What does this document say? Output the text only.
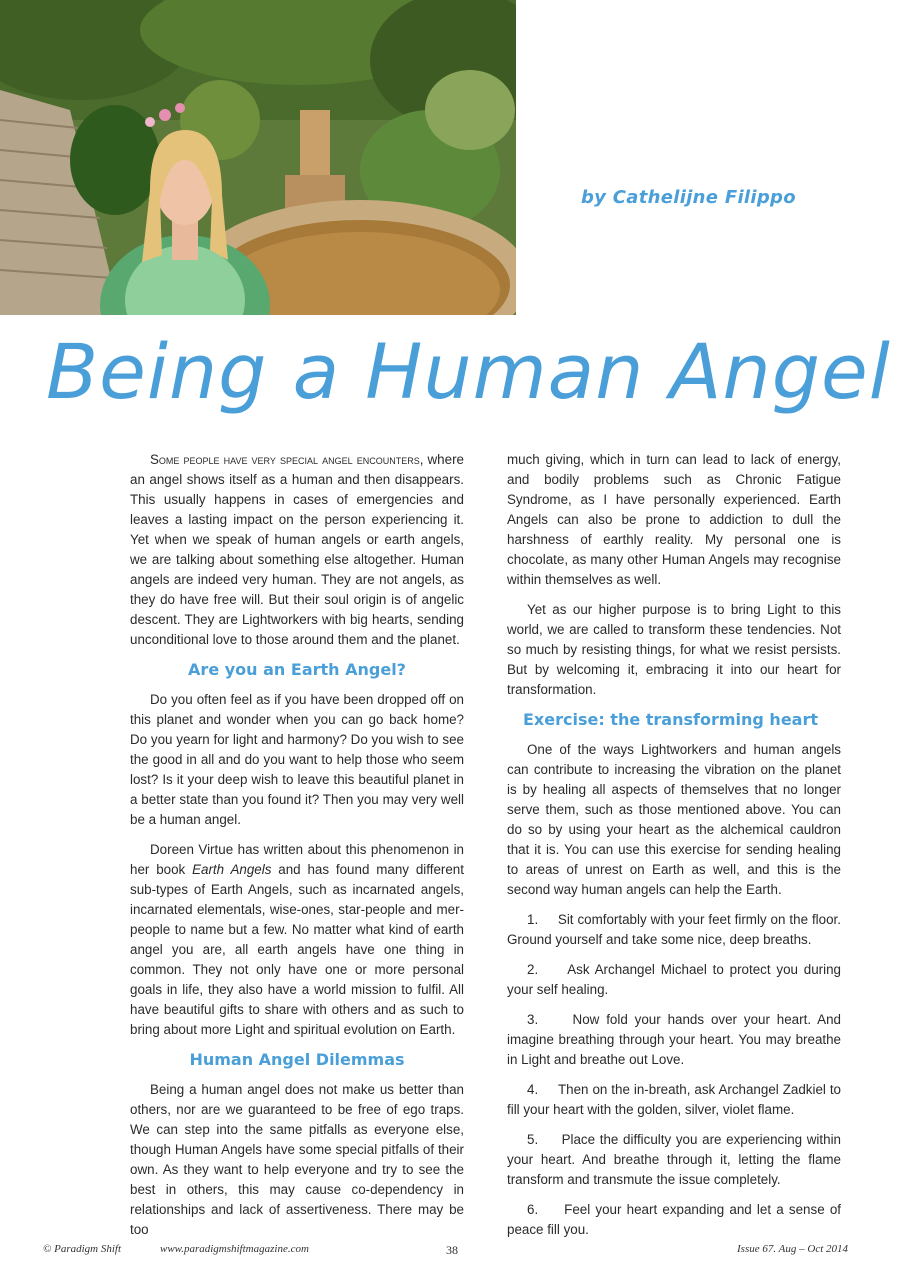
by Cathelijne Filippo
Being a Human Angel

Some people have very special angel encounters, where an angel shows itself as a human and then disappears. This usually happens in cases of emergencies and leaves a lasting impact on the person experiencing it. Yet when we speak of human angels or earth angels, we are talking about something else altogether. Human angels are indeed very human. They are not angels, as they do have free will. But their soul origin is of angelic descent. They are Lightworkers with big hearts, sending unconditional love to those around them and the planet.

Are you an Earth Angel?

Do you often feel as if you have been dropped off on this planet and wonder when you can go back home? Do you yearn for light and harmony? Do you wish to see the good in all and do you want to help those who seem lost? Is it your deep wish to leave this beautiful planet in a better state than you found it? Then you may very well be a human angel.

Doreen Virtue has written about this phenomenon in her book Earth Angels and has found many different sub-types of Earth Angels, such as incarnated angels, incarnated elementals, wise-ones, star-people and mer-people to name but a few. No matter what kind of earth angel you are, all earth angels have one thing in common. They not only have one or more personal goals in life, they also have a world mission to fulfil. All have beautiful gifts to share with others and as such to bring about more Light and spiritual evolution on Earth.

Human Angel Dilemmas

Being a human angel does not make us better than others, nor are we guaranteed to be free of ego traps. We can step into the same pitfalls as everyone else, though Human Angels have some special pitfalls of their own. As they want to help everyone and try to see the best in others, this may cause co-dependency in relationships and lack of assertiveness. There may be too

much giving, which in turn can lead to lack of energy, and bodily problems such as Chronic Fatigue Syndrome, as I have personally experienced. Earth Angels can also be prone to addiction to dull the harshness of earthly reality. My personal one is chocolate, as many other Human Angels may recognise within themselves as well.

Yet as our higher purpose is to bring Light to this world, we are called to transform these tendencies. Not so much by resisting things, for what we resist persists. But by welcoming it, embracing it into our heart for transformation.

Exercise: the transforming heart

One of the ways Lightworkers and human angels can contribute to increasing the vibration on the planet is by healing all aspects of themselves that no longer serve them, such as those mentioned above. You can do so by using your heart as the alchemical cauldron that it is. You can use this exercise for sending healing to areas of unrest on Earth as well, and this is the second way human angels can help the Earth.

1. Sit comfortably with your feet firmly on the floor. Ground yourself and take some nice, deep breaths.

2. Ask Archangel Michael to protect you during your self healing.

3.	Now fold your hands over your heart. And imagine breathing through your heart. You may breathe in Light and breathe out Love.

4. Then on the in-breath, ask Archangel Zadkiel to fill your heart with the golden, silver, violet flame.

5. Place the difficulty you are experiencing within your heart. And breathe through it, letting the flame transform and transmute the issue completely.

6. Feel your heart expanding and let a sense of peace fill you.

© Paradigm Shift	www.paradigmshiftmagazine.com	38	Issue 67. Aug – Oct 2014
